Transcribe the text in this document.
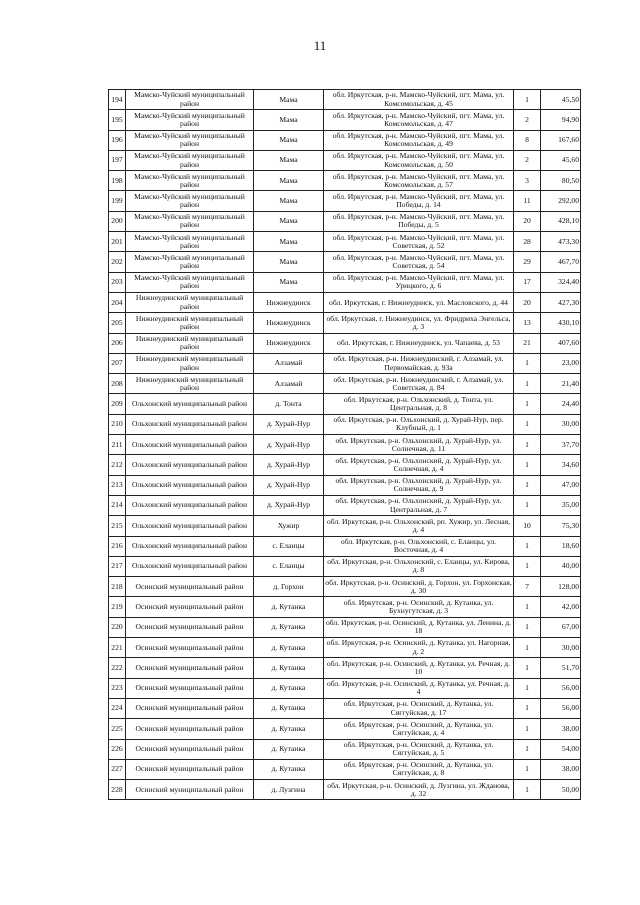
11
194	Мамско-Чуйский муниципальный район	Мама	обл. Иркутская, р-н. Мамско-Чуйский, пгт. Мама, ул. Комсомольская, д. 45	1	45,50
195	Мамско-Чуйский муниципальный район	Мама	обл. Иркутская, р-н. Мамско-Чуйский, пгт. Мама, ул. Комсомольская, д. 47	2	94,90
196	Мамско-Чуйский муниципальный район	Мама	обл. Иркутская, р-н. Мамско-Чуйский, пгт. Мама, ул. Комсомольская, д. 49	8	167,60
197	Мамско-Чуйский муниципальный район	Мама	обл. Иркутская, р-н. Мамско-Чуйский, пгт. Мама, ул. Комсомольская, д. 50	2	45,60
198	Мамско-Чуйский муниципальный район	Мама	обл. Иркутская, р-н. Мамско-Чуйский, пгт. Мама, ул. Комсомольская, д. 57	3	80,50
199	Мамско-Чуйский муниципальный район	Мама	обл. Иркутская, р-н. Мамско-Чуйский, пгт. Мама, ул. Победы, д. 14	11	292,00
200	Мамско-Чуйский муниципальный район	Мама	обл. Иркутская, р-н. Мамско-Чуйский, пгт. Мама, ул. Победы, д. 5	20	428,10
201	Мамско-Чуйский муниципальный район	Мама	обл. Иркутская, р-н. Мамско-Чуйский, пгт. Мама, ул. Советская, д. 52	28	473,30
202	Мамско-Чуйский муниципальный район	Мама	обл. Иркутская, р-н. Мамско-Чуйский, пгт. Мама, ул. Советская, д. 54	29	467,70
203	Мамско-Чуйский муниципальный район	Мама	обл. Иркутская, р-н. Мамско-Чуйский, пгт. Мама, ул. Урицкого, д. 6	17	324,40
204	Нижнеудинский муниципальный район	Нижнеудинск	обл. Иркутская, г. Нижнеудинск, ул. Масловского, д. 44	20	427,30
205	Нижнеудинский муниципальный район	Нижнеудинск	обл. Иркутская, г. Нижнеудинск, ул. Фридриха Энгельса, д. 3	13	430,10
206	Нижнеудинский муниципальный район	Нижнеудинск	обл. Иркутская, г. Нижнеудинск, ул. Чапаева, д. 53	21	407,60
207	Нижнеудинский муниципальный район	Алзамай	обл. Иркутская, р-н. Нижнеудинский, г. Алзамай, ул. Первомайская, д. 93а	1	23,00
208	Нижнеудинский муниципальный район	Алзамай	обл. Иркутская, р-н. Нижнеудинский, г. Алзамай, ул. Советская, д. 84	1	21,40
209	Ольхонский муниципальный район	д. Тонта	обл. Иркутская, р-н. Ольхонский, д. Тонта, ул. Центральная, д. 8	1	24,40
210	Ольхонский муниципальный район	д. Хурай-Нур	обл. Иркутская, р-н. Ольхонский, д. Хурай-Нур, пер. Клубный, д. 1	1	30,00
211	Ольхонский муниципальный район	д. Хурай-Нур	обл. Иркутская, р-н. Ольхонский, д. Хурай-Нур, ул. Солнечная, д. 11	1	37,70
212	Ольхонский муниципальный район	д. Хурай-Нур	обл. Иркутская, р-н. Ольхонский, д. Хурай-Нур, ул. Солнечная, д. 4	1	34,60
213	Ольхонский муниципальный район	д. Хурай-Нур	обл. Иркутская, р-н. Ольхонский, д. Хурай-Нур, ул. Солнечная, д. 9	1	47,00
214	Ольхонский муниципальный район	д. Хурай-Нур	обл. Иркутская, р-н. Ольхонский, д. Хурай-Нур, ул. Центральная, д. 7	1	35,00
215	Ольхонский муниципальный район	Хужир	обл. Иркутская, р-н. Ольхонский, рп. Хужир, ул. Лесная, д. 4	10	75,30
216	Ольхонский муниципальный район	с. Еланцы	обл. Иркутская, р-н. Ольхонский, с. Еланцы, ул. Восточная, д. 4	1	18,60
217	Ольхонский муниципальный район	с. Еланцы	обл. Иркутская, р-н. Ольхонский, с. Еланцы, ул. Кирова, д. 8	1	40,00
218	Осинский муниципальный район	д. Горхон	обл. Иркутская, р-н. Осинский, д. Горхон, ул. Горхонская, д. 30	7	128,00
219	Осинский муниципальный район	д. Кутанка	обл. Иркутская, р-н. Осинский, д. Кутанка, ул. Бухнугутская, д. 3	1	42,00
220	Осинский муниципальный район	д. Кутанка	обл. Иркутская, р-н. Осинский, д. Кутанка, ул. Ленина, д. 18	1	67,00
221	Осинский муниципальный район	д. Кутанка	обл. Иркутская, р-н. Осинский, д. Кутанка, ул. Нагорная, д. 2	1	30,00
222	Осинский муниципальный район	д. Кутанка	обл. Иркутская, р-н. Осинский, д. Кутанка, ул. Речная, д. 10	1	51,70
223	Осинский муниципальный район	д. Кутанка	обл. Иркутская, р-н. Осинский, д. Кутанка, ул. Речная, д. 4	1	56,00
224	Осинский муниципальный район	д. Кутанка	обл. Иркутская, р-н. Осинский, д. Кутанка, ул. Сяггуйская, д. 17	1	56,00
225	Осинский муниципальный район	д. Кутанка	обл. Иркутская, р-н. Осинский, д. Кутанка, ул. Сяггуйская, д. 4	1	38,00
226	Осинский муниципальный район	д. Кутанка	обл. Иркутская, р-н. Осинский, д. Кутанка, ул. Сяггуйская, д. 5	1	54,00
227	Осинский муниципальный район	д. Кутанка	обл. Иркутская, р-н. Осинский, д. Кутанка, ул. Сяггуйская, д. 8	1	38,00
228	Осинский муниципальный район	д. Лузгина	обл. Иркутская, р-н. Осинский, д. Лузгина, ул. Жданова, д. 32	1	50,00
